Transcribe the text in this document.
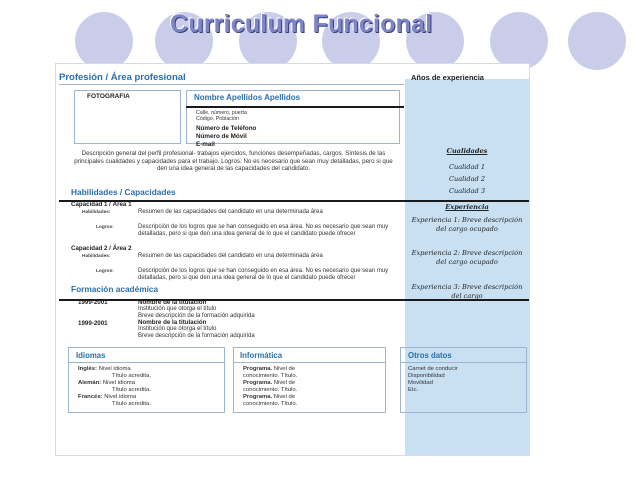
Curriculum Funcional
Profesión / Área profesional	Años de experiencia
FOTOGRAFIA	Nombre Apellidos Apellidos
Calle, número, puerta
Código, Población
Número de Teléfono
Número de Móvil
E-mail
Descripción general del perfil profesional- trabajos ejercidos, funciones desempeñadas, cargos. Síntesis de las principales cualidades y capacidades para el trabajo. Logros. No es necesario que sean muy detalladas, pero si que den una idea general de las capacidades del candidato.
Habilidades / Capacidades
Capacidad 1 / Área 1
Habilidades:	Resumen de las capacidades del candidato en una determinada área
Logros:	Descripción de los logros que se han conseguido en esa área. No es necesario que sean muy detalladas, pero si que den una idea general de lo que el candidato puede ofrecer
Capacidad 2 / Área 2
Habilidades:	Resumen de las capacidades del candidato en una determinada área
Logros:	Descripción de los logros que se han conseguido en esa área. No es necesario que sean muy detalladas, pero si que den una idea general de lo que el candidato puede ofrecer
Formación académica
1999-2001	Nombre de la titulación
Institución que otorga el título
Breve descripción de la formación adquirida
1999-2001	Nombre de la titulación
Institución que otorga el título
Breve descripción de la formación adquirida
Cualidades
Cualidad 1
Cualidad 2
Cualidad 3
Experiencia
Experiencia 1: Breve descripción del cargo ocupado
Experiencia 2: Breve descripción del cargo ocupado
Experiencia 3: Breve descripción del cargo
Idiomas
Inglés: Nivel idioma
Título acredita.
Alemán: Nivel idioma
Título acredita.
Francés: Nivel idioma
Título acredita.
Informática
Programa. Nivel de
conocimiento. Título.
Programa. Nivel de
conocimiento. Título.
Programa. Nivel de
conocimiento. Título.
Otros datos
Carnet de conducir
Disponibilidad
Movilidad
Etc.
